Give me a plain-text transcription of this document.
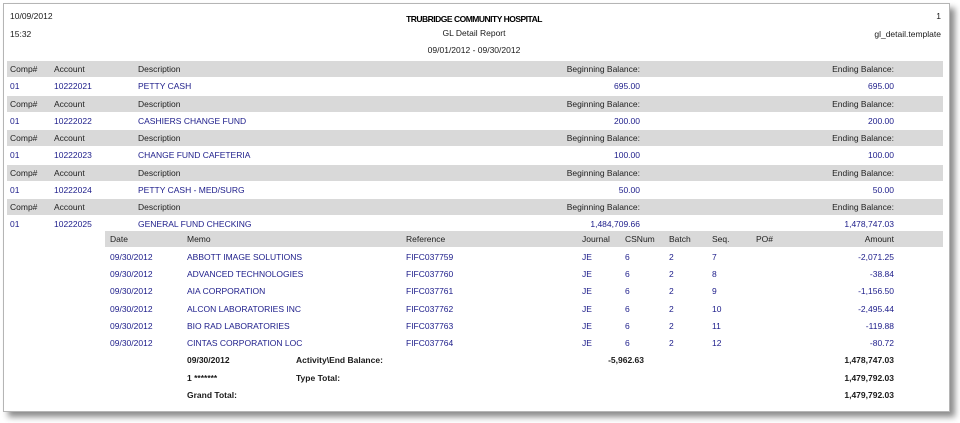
10/09/2012
15:32
1
gl_detail.template
TRUBRIDGE COMMUNITY HOSPITAL
GL Detail Report
09/01/2012 - 09/30/2012
Comp# Account	Description	Beginning Balance:	Ending Balance:
01	10222021	PETTY CASH	695.00	695.00
Comp# Account	Description	Beginning Balance:	Ending Balance:
01	10222022	CASHIERS CHANGE FUND	200.00	200.00
Comp# Account	Description	Beginning Balance:	Ending Balance:
01	10222023	CHANGE FUND CAFETERIA	100.00	100.00
Comp# Account	Description	Beginning Balance:	Ending Balance:
01	10222024	PETTY CASH - MED/SURG	50.00	50.00
Comp# Account	Description	Beginning Balance:	Ending Balance:
01	10222025	GENERAL FUND CHECKING	1,484,709.66	1,478,747.03
Date	Memo	Reference	Journal CSNum Batch	Seq.	PO#	Amount
09/30/2012	ABBOTT IMAGE SOLUTIONS	FIFC037759	JE	6	2	7	-2,071.25
09/30/2012	ADVANCED TECHNOLOGIES	FIFC037760	JE	6	2	8	-38.84
09/30/2012	AIA CORPORATION	FIFC037761	JE	6	2	9	-1,156.50
09/30/2012	ALCON LABORATORIES INC	FIFC037762	JE	6	2	10	-2,495.44
09/30/2012	BIO RAD LABORATORIES	FIFC037763	JE	6	2	11	-119.88
09/30/2012	CINTAS CORPORATION LOC	FIFC037764	JE	6	2	12	-80.72
09/30/2012	Activity\End Balance:	-5,962.63	1,478,747.03
1 *******	Type Total:	1,479,792.03
Grand Total:	1,479,792.03
